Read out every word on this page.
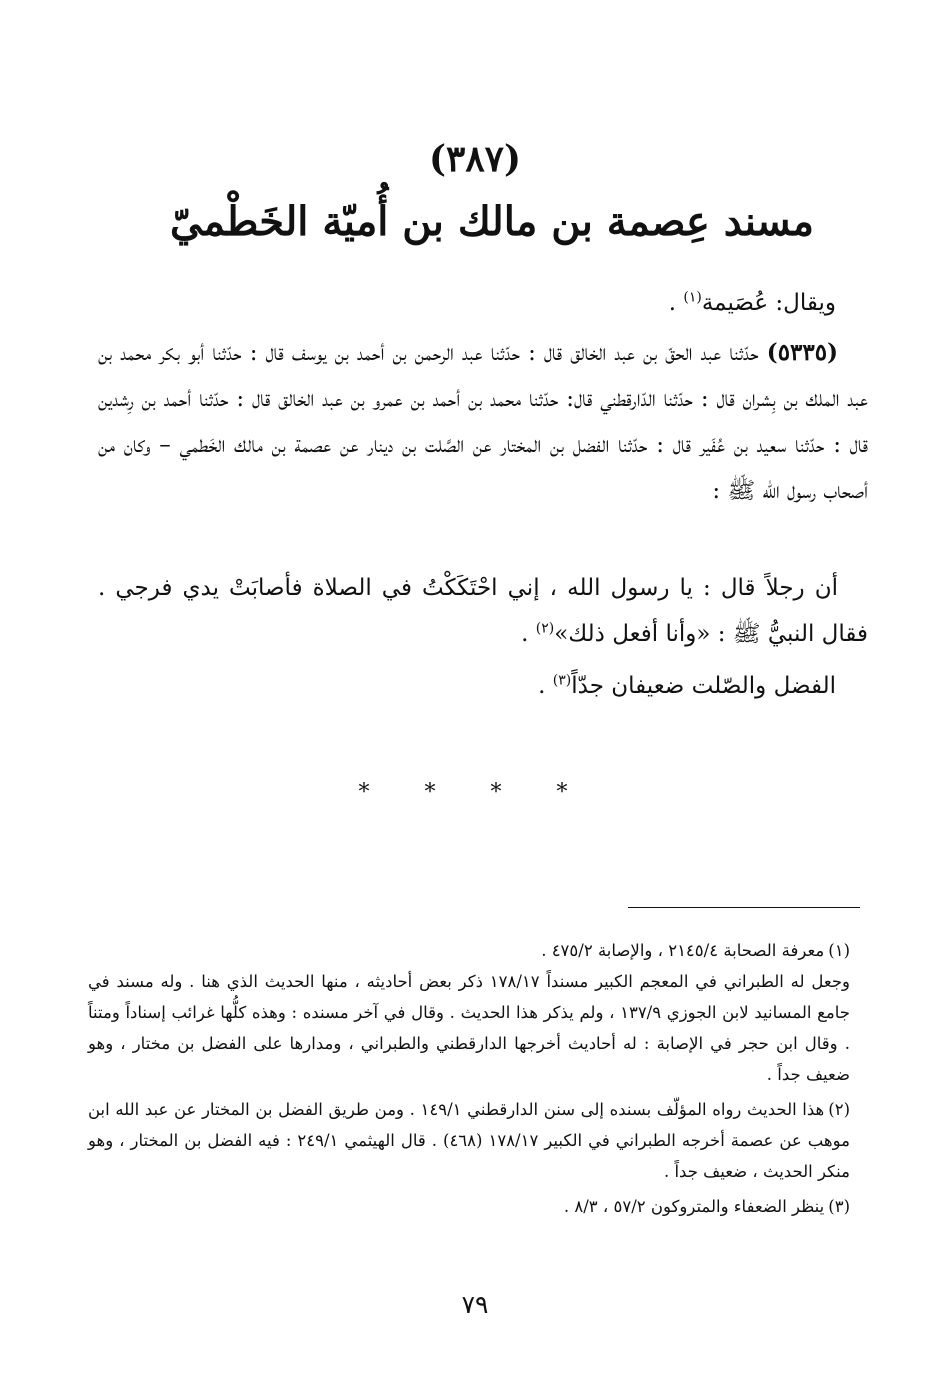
(٣٨٧)
مسند عِصمة بن مالك بن أُميّة الخَطْميّ
ويقال: عُصَيمة$^{(١)}$ .
(٥٣٣٥) حدّثنا عبد الحقّ بن عبد الخالق قال : حدّثنا عبد الرحمن بن أحمد بن يوسف قال : حدّثنا أبو بكر محمد بن عبد الملك بن بِشران قال : حدّثنا الدّارقطني قال: حدّثنا محمد بن أحمد بن عمرو بن عبد الخالق قال : حدّثنا أحمد بن رِشدين قال : حدّثنا سعيد بن عُفَير قال : حدّثنا الفضل بن المختار عن الصَّلت بن دينار عن عصمة بن مالك الخَطمي – وكان من أصحاب رسول الله ﷺ :
أن رجلاً قال : يا رسول الله ، إني احْتَكَكْتُ في الصلاة فأصابَتْ يدي فرجي . فقال النبيُّ ﷺ : «وأنا أفعل ذلك»$^{(٢)}$ .
الفضل والصّلت ضعيفان جدّاً$^{(٣)}$ .
* * * *
(١)معرفة الصحابة ٢١٤٥/٤ ، والإصابة ٤٧٥/٢ .
وجعل له الطبراني في المعجم الكبير مسنداً ١٧٨/١٧ ذكر بعض أحاديثه ، منها الحديث الذي هنا . وله مسند في جامع المسانيد لابن الجوزي ١٣٧/٩ ، ولم يذكر هذا الحديث . وقال في آخر مسنده : وهذه كلُّها غرائب إسناداً ومتناً . وقال ابن حجر في الإصابة : له أحاديث أخرجها الدارقطني والطبراني ، ومدارها على الفضل بن مختار ، وهو ضعيف جداً .
(٢)هذا الحديث رواه المؤلّف بسنده إلى سنن الدارقطني ١٤٩/١ . ومن طريق الفضل بن المختار عن عبد الله ابن موهب عن عصمة أخرجه الطبراني في الكبير ١٧٨/١٧ (٤٦٨) . قال الهيثمي ٢٤٩/١ : فيه الفضل بن المختار ، وهو منكر الحديث ، ضعيف جداً .
(٣)ينظر الضعفاء والمتروكون ٥٧/٢ ، ٨/٣ .
٧٩
